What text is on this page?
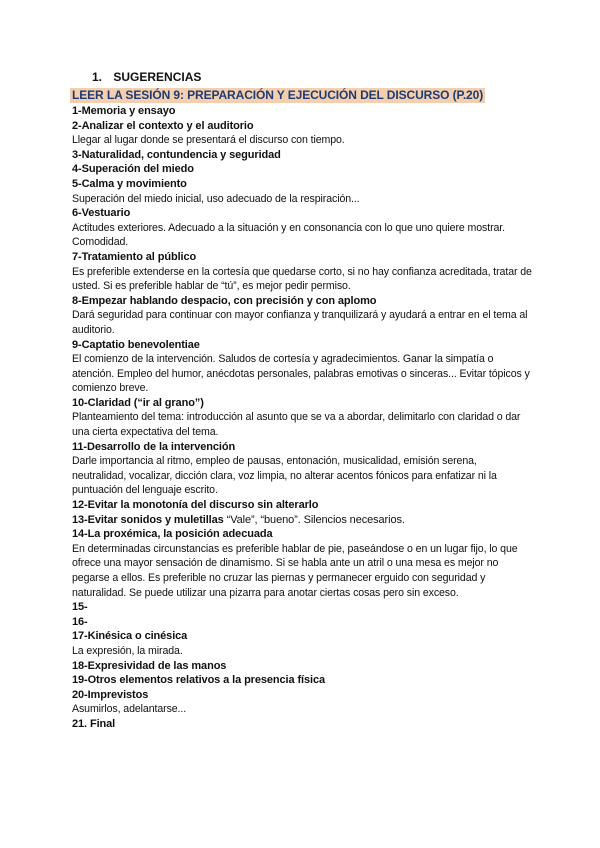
1. SUGERENCIAS
LEER LA SESIÓN 9: PREPARACIÓN Y EJECUCIÓN DEL DISCURSO (P.20)
1-Memoria y ensayo
2-Analizar el contexto y el auditorio
Llegar al lugar donde se presentará el discurso con tiempo.
3-Naturalidad, contundencia y seguridad
4-Superación del miedo
5-Calma y movimiento
Superación del miedo inicial, uso adecuado de la respiración...
6-Vestuario
Actitudes exteriores. Adecuado a la situación y en consonancia con lo que uno quiere mostrar. Comodidad.
7-Tratamiento al público
Es preferible extenderse en la cortesía que quedarse corto, si no hay confianza acreditada, tratar de usted. Si es preferible hablar de “tú”, es mejor pedir permiso.
8-Empezar hablando despacio, con precisión y con aplomo
Dará seguridad para continuar con mayor confianza y tranquilizará y ayudará a entrar en el tema al auditorio.
9-Captatio benevolentiae
El comienzo de la intervención. Saludos de cortesía y agradecimientos. Ganar la simpatía o atención. Empleo del humor, anécdotas personales, palabras emotivas o sinceras... Evitar tópicos y comienzo breve.
10-Claridad (“ir al grano”)
Planteamiento del tema: introducción al asunto que se va a abordar, delimitarlo con claridad o dar una cierta expectativa del tema.
11-Desarrollo de la intervención
Darle importancia al ritmo, empleo de pausas, entonación, musicalidad, emisión serena, neutralidad, vocalizar, dicción clara, voz limpia, no alterar acentos fónicos para enfatizar ni la puntuación del lenguaje escrito.
12-Evitar la monotonía del discurso sin alterarlo
13-Evitar sonidos y muletillas “Vale”, “bueno”. Silencios necesarios.
14-La proxémica, la posición adecuada
En determinadas circunstancias es preferible hablar de pie, paseándose o en un lugar fijo, lo que ofrece una mayor sensación de dinamismo. Si se habla ante un atril o una mesa es mejor no pegarse a ellos. Es preferible no cruzar las piernas y permanecer erguido con seguridad y naturalidad. Se puede utilizar una pizarra para anotar ciertas cosas pero sin exceso.
15-
16-
17-Kinésica o cinésica
La expresión, la mirada.
18-Expresividad de las manos
19-Otros elementos relativos a la presencia física
20-Imprevistos
Asumirlos, adelantarse...
21. Final
